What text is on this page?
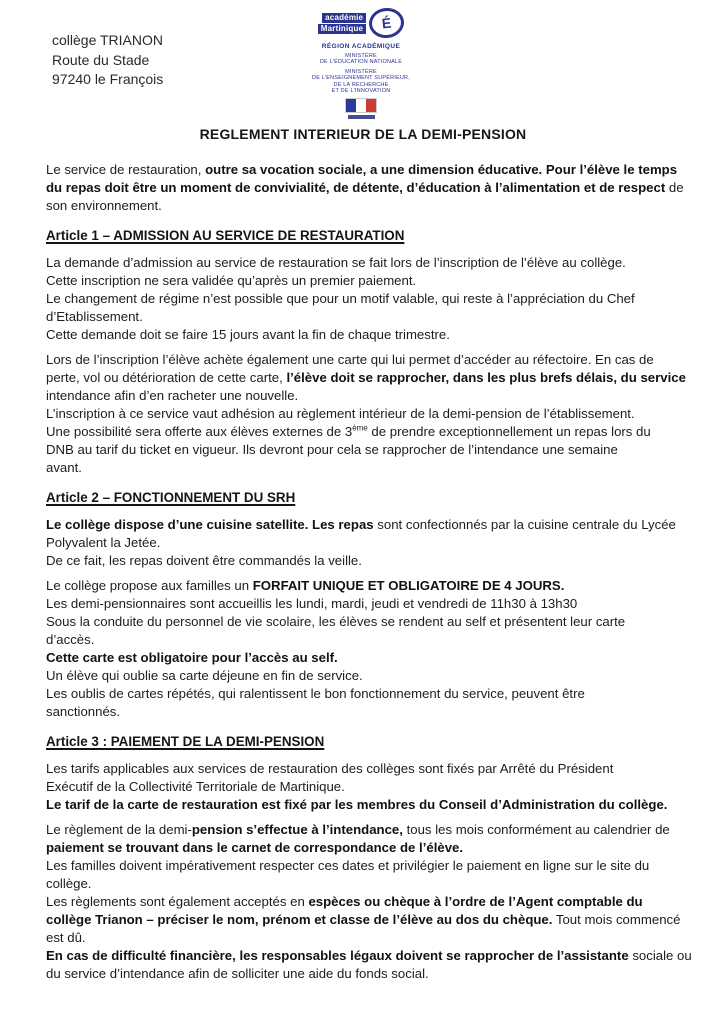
collège TRIANON
Route du Stade
97240 le François
académie
Martinique É
RÉGION ACADÉMIQUE
MINISTÈRE
DE L'ÉDUCATION NATIONALE
MINISTÈRE
DE L'ENSEIGNEMENT SUPÉRIEUR,
DE LA RECHERCHE
ET DE L'INNOVATION
REGLEMENT INTERIEUR DE LA DEMI-PENSION
Le service de restauration, outre sa vocation sociale, a une dimension éducative. Pour l’élève le temps
du repas doit être un moment de convivialité, de détente, d’éducation à l’alimentation et de respect de
son environnement.
Article 1 – ADMISSION AU SERVICE DE RESTAURATION
La demande d’admission au service de restauration se fait lors de l’inscription de l’élève au collège.
Cette inscription ne sera validée qu’après un premier paiement.
Le changement de régime n’est possible que pour un motif valable, qui reste à l’appréciation du Chef
d’Etablissement.
Cette demande doit se faire 15 jours avant la fin de chaque trimestre.
Lors de l’inscription l’élève achète également une carte qui lui permet d’accéder au réfectoire. En cas de
perte, vol ou détérioration de cette carte, l’élève doit se rapprocher, dans les plus brefs délais, du service
intendance afin d’en racheter une nouvelle.
L’inscription à ce service vaut adhésion au règlement intérieur de la demi-pension de l’établissement.
Une possibilité sera offerte aux élèves externes de 3ème de prendre exceptionnellement un repas lors du
DNB au tarif du ticket en vigueur. Ils devront pour cela se rapprocher de l’intendance une semaine
avant.
Article 2 – FONCTIONNEMENT DU SRH
Le collège dispose d’une cuisine satellite. Les repas sont confectionnés par la cuisine centrale du Lycée
Polyvalent la Jetée.
De ce fait, les repas doivent être commandés la veille.
Le collège propose aux familles un FORFAIT UNIQUE ET OBLIGATOIRE DE 4 JOURS.
Les demi-pensionnaires sont accueillis les lundi, mardi, jeudi et vendredi de 11h30 à 13h30
Sous la conduite du personnel de vie scolaire, les élèves se rendent au self et présentent leur carte
d’accès.
Cette carte est obligatoire pour l’accès au self.
Un élève qui oublie sa carte déjeune en fin de service.
Les oublis de cartes répétés, qui ralentissent le bon fonctionnement du service, peuvent être
sanctionnés.
Article 3 : PAIEMENT DE LA DEMI-PENSION
Les tarifs applicables aux services de restauration des collèges sont fixés par Arrêté du Président
Exécutif de la Collectivité Territoriale de Martinique.
Le tarif de la carte de restauration est fixé par les membres du Conseil d’Administration du collège.
Le règlement de la demi-pension s’effectue à l’intendance, tous les mois conformément au calendrier de
paiement se trouvant dans le carnet de correspondance de l’élève.
Les familles doivent impérativement respecter ces dates et privilégier le paiement en ligne sur le site du
collège.
Les règlements sont également acceptés en espèces ou chèque à l’ordre de l’Agent comptable du
collège Trianon – préciser le nom, prénom et classe de l’élève au dos du chèque. Tout mois commencé
est dû.
En cas de difficulté financière, les responsables légaux doivent se rapprocher de l’assistante sociale ou
du service d’intendance afin de solliciter une aide du fonds social.
